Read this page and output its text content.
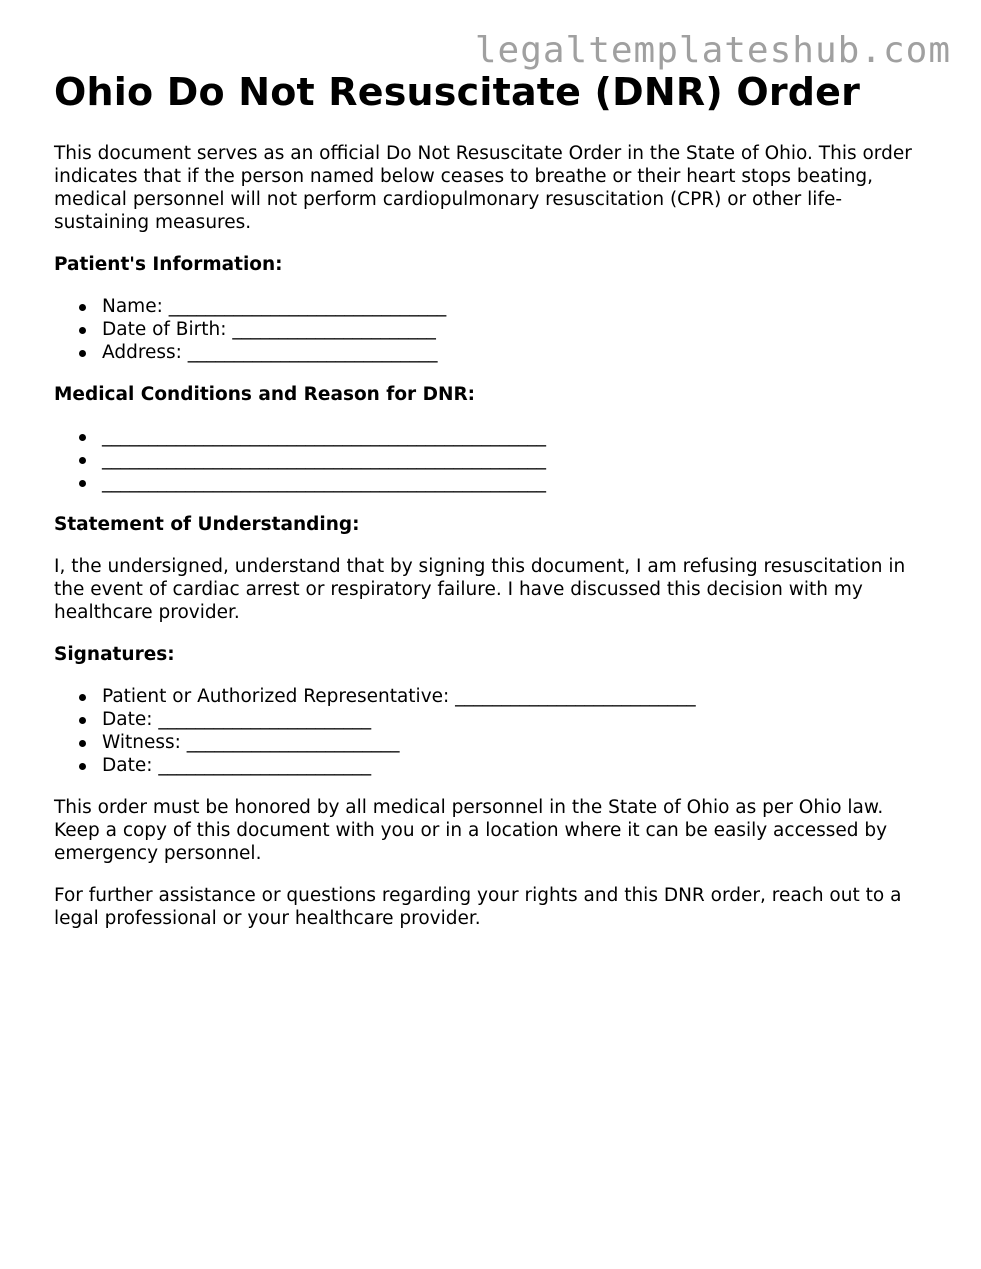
legaltemplateshub.com
Ohio Do Not Resuscitate (DNR) Order

This document serves as an official Do Not Resuscitate Order in the State of Ohio. This order indicates that if the person named below ceases to breathe or their heart stops beating, medical personnel will not perform cardiopulmonary resuscitation (CPR) or other life-sustaining measures.

Patient's Information:
Name: ______________________________
Date of Birth: ______________________
Address: ___________________________
Medical Conditions and Reason for DNR:
________________________________________________
________________________________________________
________________________________________________
Statement of Understanding:

I, the undersigned, understand that by signing this document, I am refusing resuscitation in the event of cardiac arrest or respiratory failure. I have discussed this decision with my healthcare provider.

Signatures:
Patient or Authorized Representative: __________________________
Date: _______________________
Witness: _______________________
Date: _______________________

This order must be honored by all medical personnel in the State of Ohio as per Ohio law. Keep a copy of this document with you or in a location where it can be easily accessed by emergency personnel.

For further assistance or questions regarding your rights and this DNR order, reach out to a legal professional or your healthcare provider.
